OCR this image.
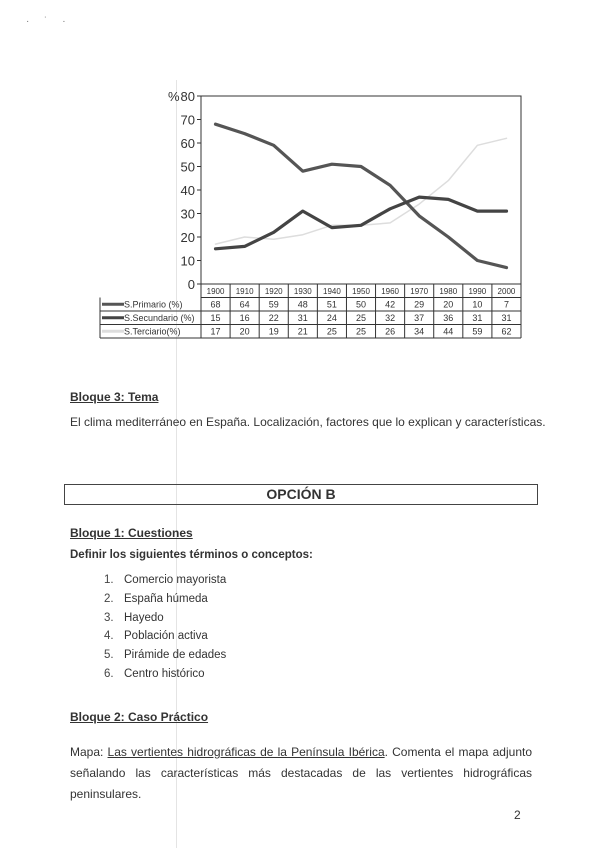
· ˙ ·
0
10
20
30
40
50
60
70
80
%
1900 1910 1920 1930 1940 1950 1960 1970 1980 1990 2000
S.Primario (%)	68 64 59 48 51 50 42 29 20 10 7
S.Secundario (%) 15 16 22 31 24 25 32 37 36 31 31
S.Terciario(%)	17 20 19 21 25 25 26 34 44 59 62
Bloque 3: Tema
El clima mediterráneo en España. Localización, factores que lo explican y características.
OPCIÓN B
Bloque 1: Cuestiones
Definir los siguientes términos o conceptos:
1. Comercio mayorista
2. España húmeda
3. Hayedo
4. Población activa
5. Pirámide de edades
6. Centro histórico
Bloque 2: Caso Práctico
Mapa: Las vertientes hidrográficas de la Península Ibérica. Comenta el mapa adjunto señalando las características más destacadas de las vertientes hidrográficas peninsulares.
2
